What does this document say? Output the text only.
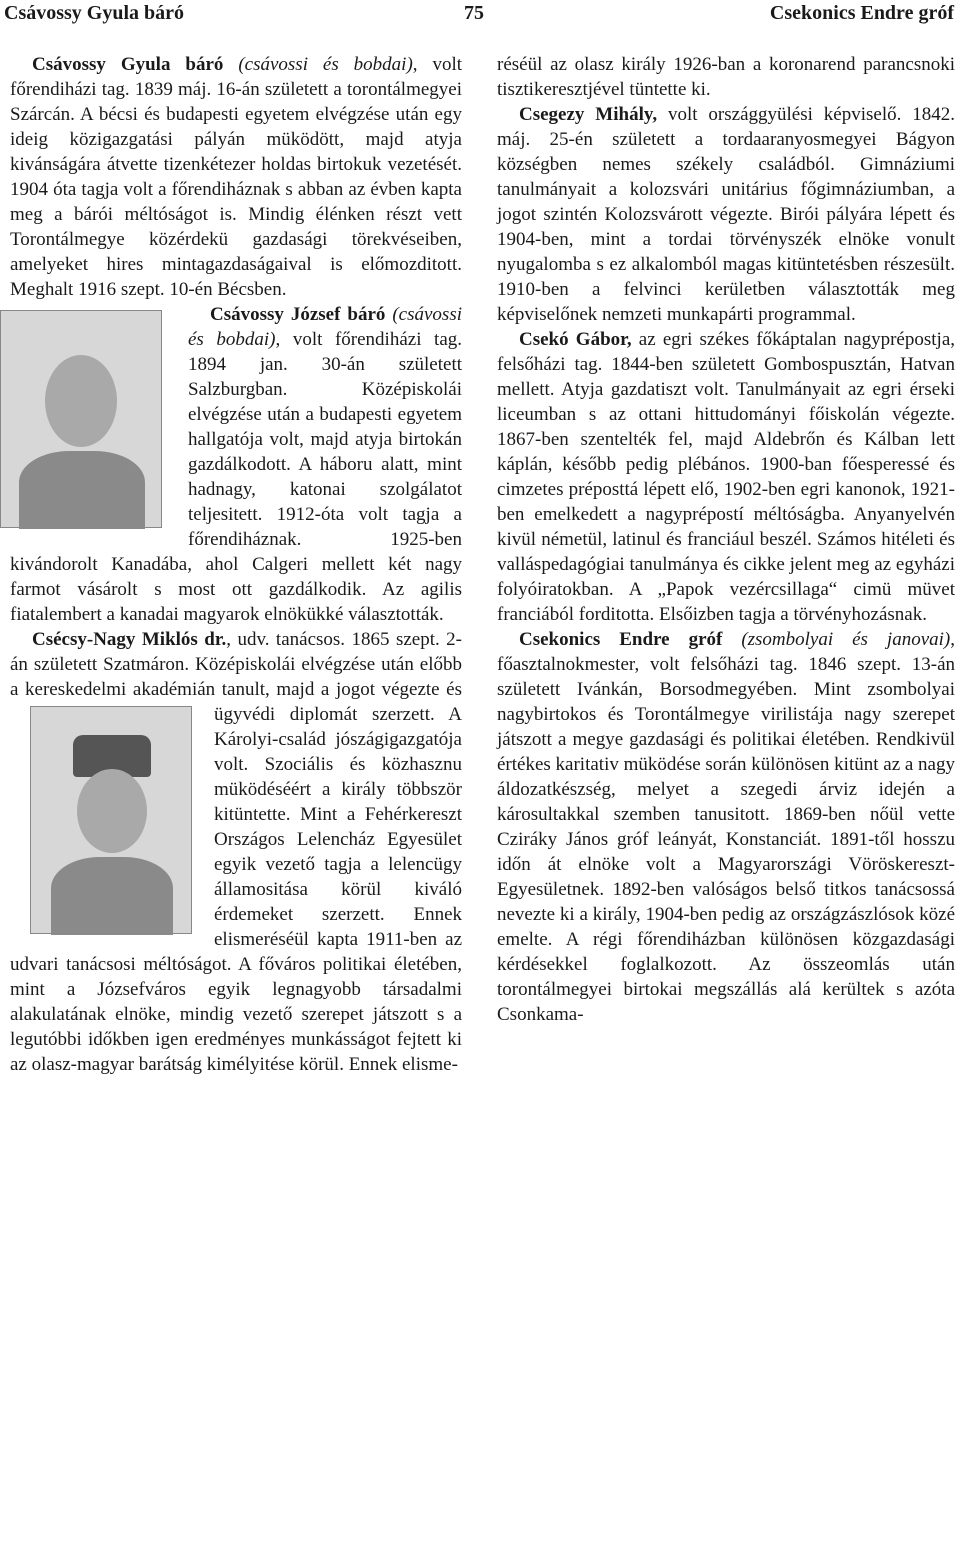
Csávossy Gyula báró	75	Csekonics Endre gróf

Csávossy Gyula báró (csávossi és bobdai), volt főrendiházi tag. 1839 máj. 16-án született a torontálmegyei Szárcán. A bécsi és budapesti egyetem elvégzése után egy ideig közigazgatási pályán müködött, majd atyja kivánságára átvette tizenkétezer holdas birtokuk vezetését. 1904 óta tagja volt a főrendiháznak s abban az évben kapta meg a bárói méltóságot is. Mindig élénken részt vett Torontálmegye közérdekü gazdasági törekvéseiben, amelyeket hires mintagazdaságaival is előmozditott. Meghalt 1916 szept. 10-én Bécsben.

Csávossy József báró (csávossi és bobdai), volt főrendiházi tag. 1894 jan. 30-án született Salzburgban. Középiskolái elvégzése után a budapesti egyetem hallgatója volt, majd atyja birtokán gazdálkodott. A háboru alatt, mint hadnagy, katonai szolgálatot teljesitett. 1912-óta volt tagja a főrendiháznak. 1925-ben kivándorolt Kanadába, ahol Calgeri mellett két nagy farmot vásárolt s most ott gazdálkodik. Az agilis fiatalembert a kanadai magyarok elnökükké választották.

Csécsy-Nagy Miklós dr., udv. tanácsos. 1865 szept. 2-án született Szatmáron. Középiskolái elvégzése után előbb a kereskedelmi akadémián tanult, majd a
jogot végezte és ügyvédi diplomát szerzett. A Károlyi-család jószágigazgatója volt. Szociális és közhasznu müködéséért a király többször kitüntette. Mint a Fehérkereszt Országos Lelencház Egyesület egyik vezető tagja a lelencügy államositása körül kiváló érdemeket szerzett. Ennek elismeréséül kapta 1911-ben az udvari tanácsosi méltóságot. A főváros politikai életében, mint a Józsefváros egyik legnagyobb társadalmi alakulatának elnöke, mindig vezető szerepet játszott s a legutóbbi időkben igen eredményes munkásságot fejtett ki az olasz-magyar barátság kimélyitése körül. Ennek elisme-

réséül az olasz király 1926-ban a koronarend parancsnoki tisztikeresztjével tüntette ki.

Csegezy Mihály, volt országgyülési képviselő. 1842. máj. 25-én született a tordaaranyosmegyei Bágyon községben nemes székely családból. Gimnáziumi tanulmányait a kolozsvári unitárius főgimnáziumban, a jogot szintén Kolozsvárott végezte. Birói pályára lépett és 1904-ben, mint a tordai törvényszék elnöke vonult nyugalomba s ez alkalomból magas kitüntetésben részesült. 1910-ben a felvinci kerületben választották meg képviselőnek nemzeti munkapárti programmal.

Csekó Gábor, az egri székes főkáptalan nagyprépostja, felsőházi tag. 1844-ben született Gombospusztán, Hatvan mellett. Atyja gazdatiszt volt. Tanulmányait az egri érseki liceumban s az ottani hittudományi főiskolán végezte. 1867-ben szentelték fel, majd Aldebrőn és Kálban lett káplán, később pedig plébános. 1900-ban főesperessé és cimzetes préposttá lépett elő, 1902-ben egri kanonok, 1921-ben emelkedett a nagyprépostí méltóságba. Anyanyelvén kivül németül, latinul és franciául beszél. Számos hitéleti és valláspedagógiai tanulmánya és cikke jelent meg az egyházi folyóiratokban. A „Papok vezércsillaga“ cimü müvet franciából forditotta. Elsőizben tagja a törvényhozásnak.

Csekonics Endre gróf (zsombolyai és janovai), főasztalnokmester, volt felsőházi tag. 1846 szept. 13-án született Ivánkán, Borsodmegyében. Mint zsombolyai nagybirtokos és Torontálmegye virilistája nagy szerepet játszott a megye gazdasági és politikai életében. Rendkivül értékes karitativ müködése során különösen kitünt az a nagy áldozatkészség, melyet a szegedi árviz idején a károsultakkal szemben tanusitott. 1869-ben nőül vette Cziráky János gróf leányát, Konstanciát. 1891-től hosszu időn át elnöke volt a Magyarországi Vöröskereszt-Egyesületnek. 1892-ben valóságos belső titkos tanácsossá nevezte ki a király, 1904-ben pedig az országzászlósok közé emelte. A régi főrendiházban különösen közgazdasági kérdésekkel foglalkozott. Az összeomlás után torontálmegyei birtokai megszállás alá kerültek s azóta Csonkama-
